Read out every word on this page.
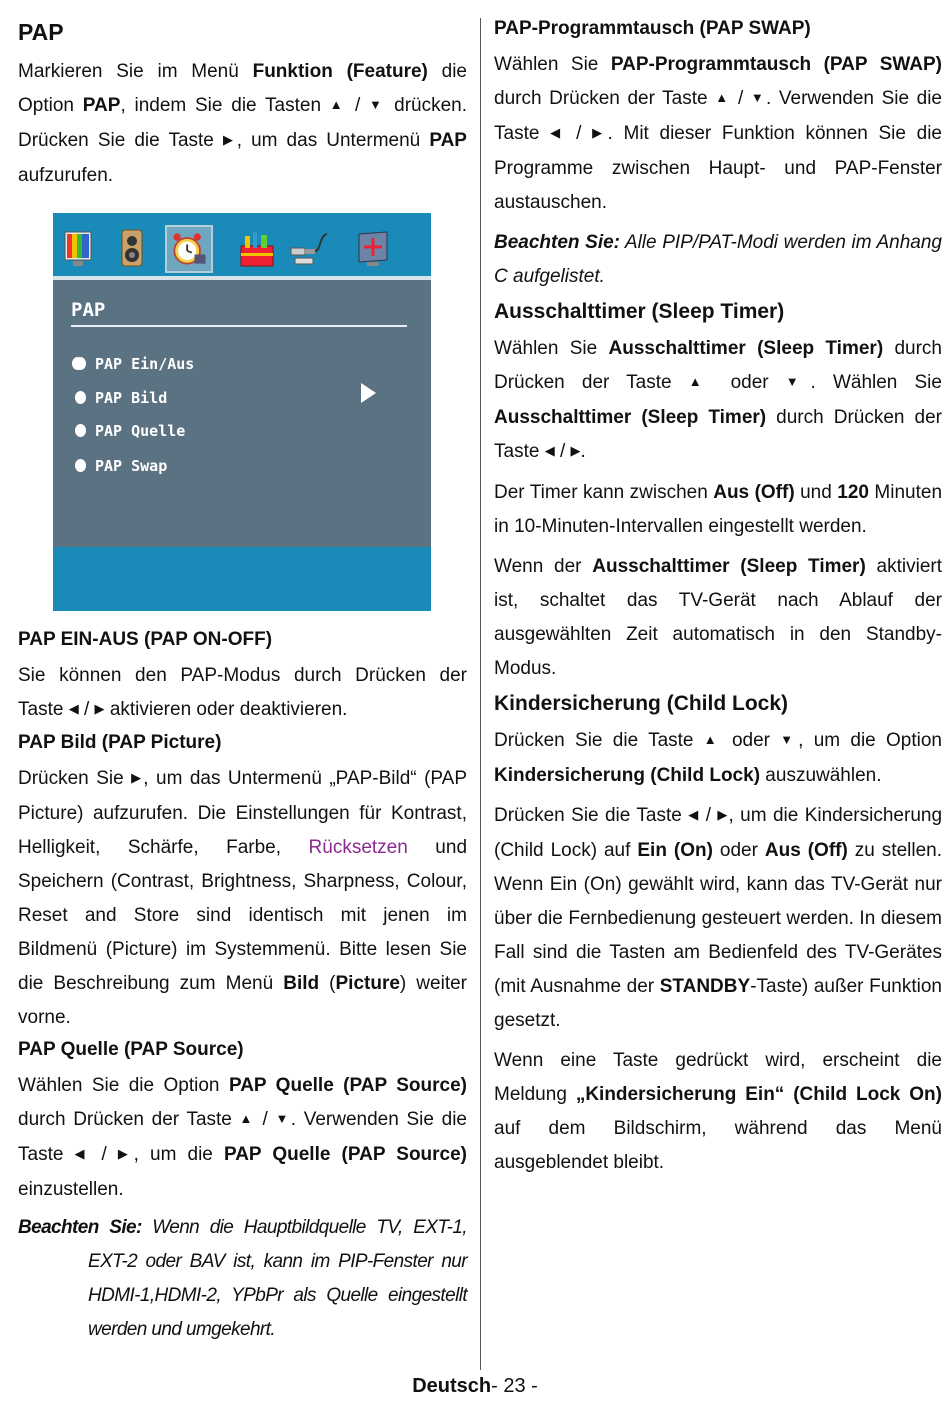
PAP

Markieren Sie im Menü Funktion (Feature) die Option PAP, indem Sie die Tasten ▲ / ▼ drücken. Drücken Sie die Taste ▶, um das Untermenü PAP aufzurufen.

PAP
PAP Ein/Aus
PAP Bild
PAP Quelle
PAP Swap
PAP EIN-AUS (PAP ON-OFF)

Sie können den PAP-Modus durch Drücken der Taste ◀ / ▶ aktivieren oder deaktivieren.

PAP Bild (PAP Picture)

Drücken Sie ▶, um das Untermenü „PAP-Bild“ (PAP Picture) aufzurufen. Die Einstellungen für Kontrast, Helligkeit, Schärfe, Farbe, Rücksetzen und Speichern (Contrast, Brightness, Sharpness, Colour, Reset and Store sind identisch mit jenen im Bildmenü (Picture) im Systemmenü. Bitte lesen Sie die Beschreibung zum Menü Bild (Picture) weiter vorne.

PAP Quelle (PAP Source)

Wählen Sie die Option PAP Quelle (PAP Source) durch Drücken der Taste ▲ / ▼. Verwenden Sie die Taste ◀ / ▶, um die PAP Quelle (PAP Source) einzustellen.

Beachten Sie: Wenn die Hauptbildquelle TV, EXT-1, EXT-2 oder BAV ist, kann im PIP-Fenster nur HDMI-1,HDMI-2, YPbPr als Quelle eingestellt werden und umgekehrt.

PAP-Programmtausch (PAP SWAP)

Wählen Sie PAP-Programmtausch (PAP SWAP) durch Drücken der Taste ▲ / ▼. Verwenden Sie die Taste ◀ / ▶. Mit dieser Funktion können Sie die Programme zwischen Haupt- und PAP-Fenster austauschen.

Beachten Sie: Alle PIP/PAT-Modi werden im Anhang C aufgelistet.

Ausschalttimer (Sleep Timer)

Wählen Sie Ausschalttimer (Sleep Timer) durch Drücken der Taste ▲ oder ▼. Wählen Sie Ausschalttimer (Sleep Timer) durch Drücken der Taste ◀ / ▶.

Der Timer kann zwischen Aus (Off) und 120 Minuten in 10-Minuten-Intervallen eingestellt werden.

Wenn der Ausschalttimer (Sleep Timer) aktiviert ist, schaltet das TV-Gerät nach Ablauf der ausgewählten Zeit automatisch in den Standby-Modus.

Kindersicherung (Child Lock)

Drücken Sie die Taste ▲ oder ▼, um die Option Kindersicherung (Child Lock) auszuwählen.

Drücken Sie die Taste ◀ / ▶, um die Kindersicherung (Child Lock) auf Ein (On) oder Aus (Off) zu stellen. Wenn Ein (On) gewählt wird, kann das TV-Gerät nur über die Fernbedienung gesteuert werden. In diesem Fall sind die Tasten am Bedienfeld des TV-Gerätes (mit Ausnahme der STANDBY-Taste) außer Funktion gesetzt.

Wenn eine Taste gedrückt wird, erscheint die Meldung „Kindersicherung Ein“ (Child Lock On) auf dem Bildschirm, während das Menü ausgeblendet bleibt.

Deutsch- 23 -
